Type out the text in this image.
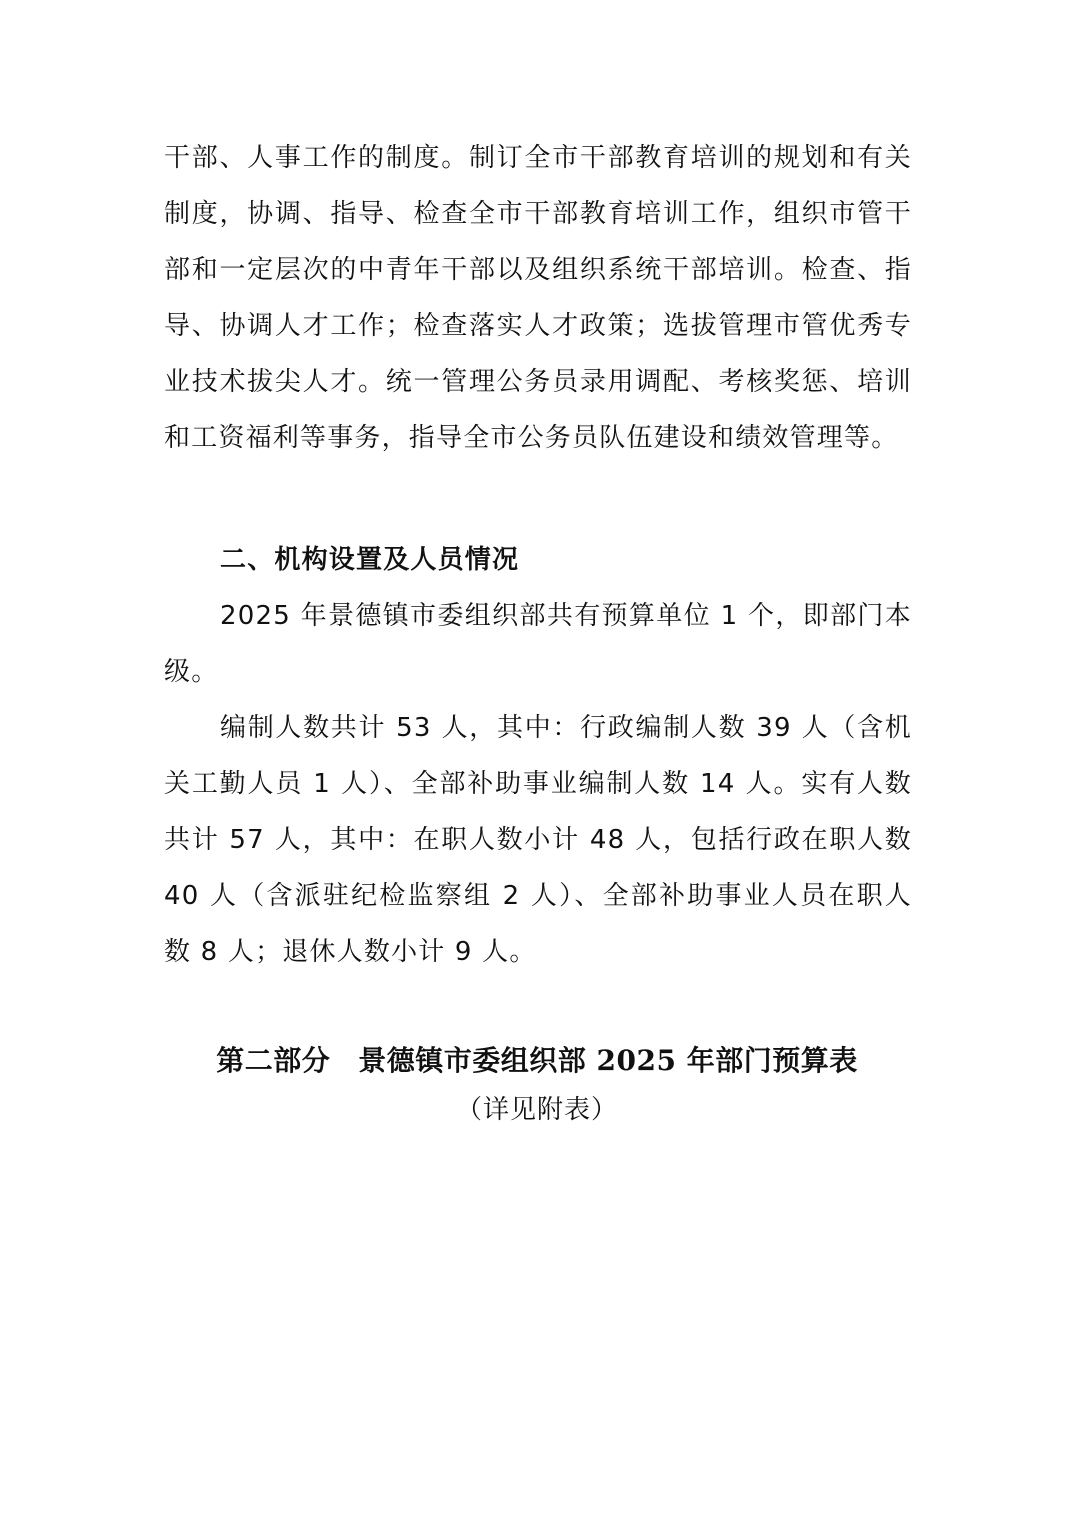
干部、人事工作的制度。制订全市干部教育培训的规划和有关制度，协调、指导、检查全市干部教育培训工作，组织市管干部和一定层次的中青年干部以及组织系统干部培训。检查、指导、协调人才工作；检查落实人才政策；选拔管理市管优秀专业技术拔尖人才。统一管理公务员录用调配、考核奖惩、培训和工资福利等事务，指导全市公务员队伍建设和绩效管理等。

二、机构设置及人员情况

2025 年景德镇市委组织部共有预算单位 1 个，即部门本级。

编制人数共计 53 人，其中：行政编制人数 39 人（含机关工勤人员 1 人）、全部补助事业编制人数 14 人。实有人数共计 57 人，其中：在职人数小计 48 人，包括行政在职人数 40 人（含派驻纪检监察组 2 人）、全部补助事业人员在职人数 8 人；退休人数小计 9 人。

第二部分 景德镇市委组织部 2025 年部门预算表

（详见附表）
